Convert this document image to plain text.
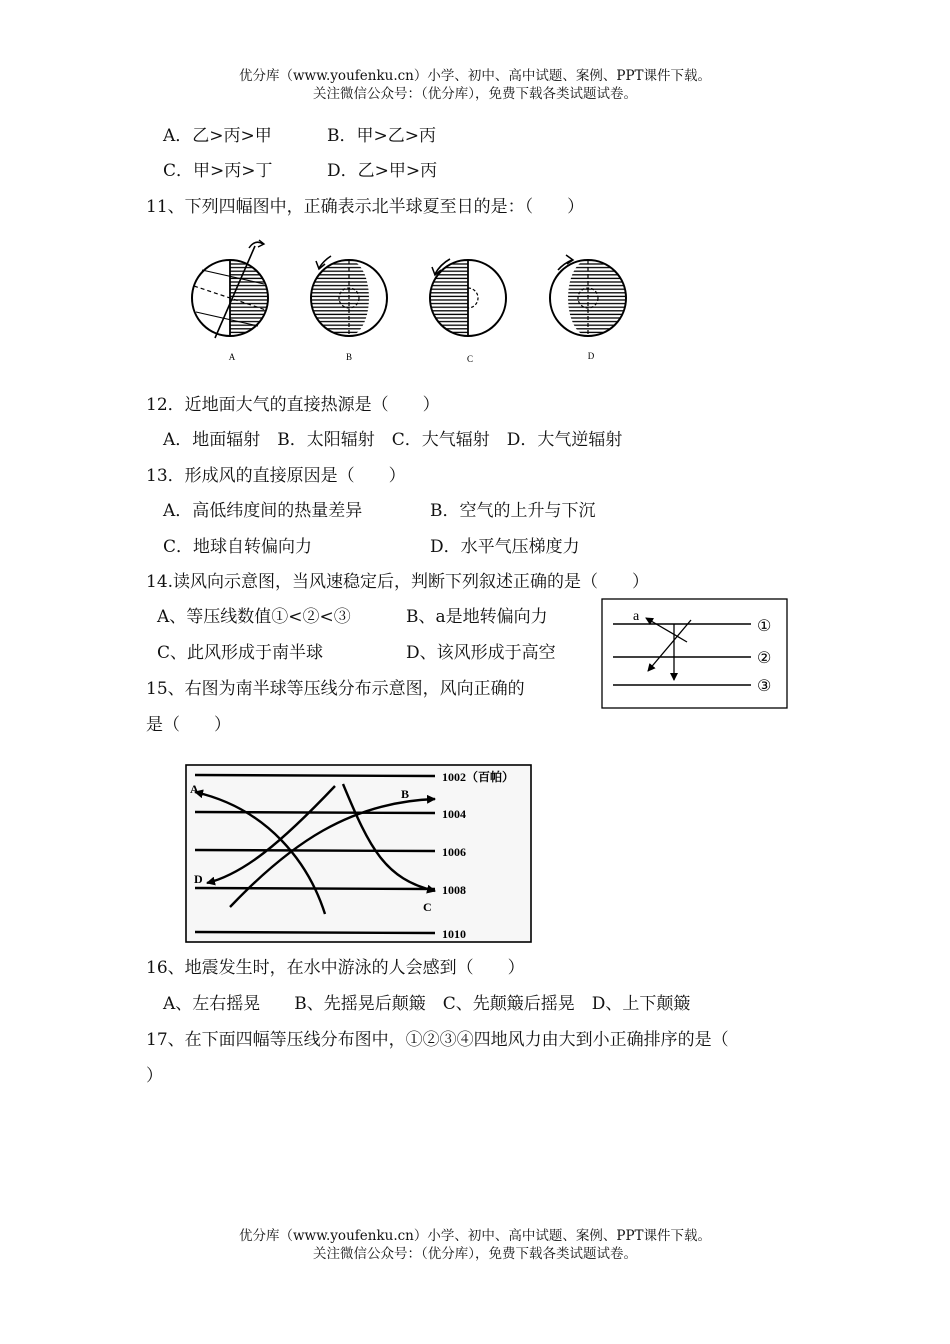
优分库（www.youfenku.cn）小学、初中、高中试题、案例、PPT课件下载。
关注微信公众号：（优分库），免费下载各类试题试卷。
A．乙>丙>甲	B．甲>乙>丙
C．甲>丙>丁	D．乙>甲>丙
11、下列四幅图中，正确表示北半球夏至日的是：（　　）
A	B	C	D
12．近地面大气的直接热源是（　　）
A．地面辐射　B．太阳辐射　C．大气辐射　D．大气逆辐射
13．形成风的直接原因是（　　）
A．高低纬度间的热量差异	B．空气的上升与下沉
C．地球自转偏向力	D．水平气压梯度力
14.读风向示意图，当风速稳定后，判断下列叙述正确的是（　　）
A、等压线数值①<②<③	B、a是地转偏向力
C、此风形成于南半球	D、该风形成于高空
a
①
②
③
15、右图为南半球等压线分布示意图，风向正确的
是（　　）
A	B
C
D
1002（百帕）
1004
1006
1008
1010
16、地震发生时，在水中游泳的人会感到（　　）
A、左右摇晃　　B、先摇晃后颠簸　C、先颠簸后摇晃　D、上下颠簸
17、在下面四幅等压线分布图中，①②③④四地风力由大到小正确排序的是（
）
优分库（www.youfenku.cn）小学、初中、高中试题、案例、PPT课件下载。
关注微信公众号：（优分库），免费下载各类试题试卷。
